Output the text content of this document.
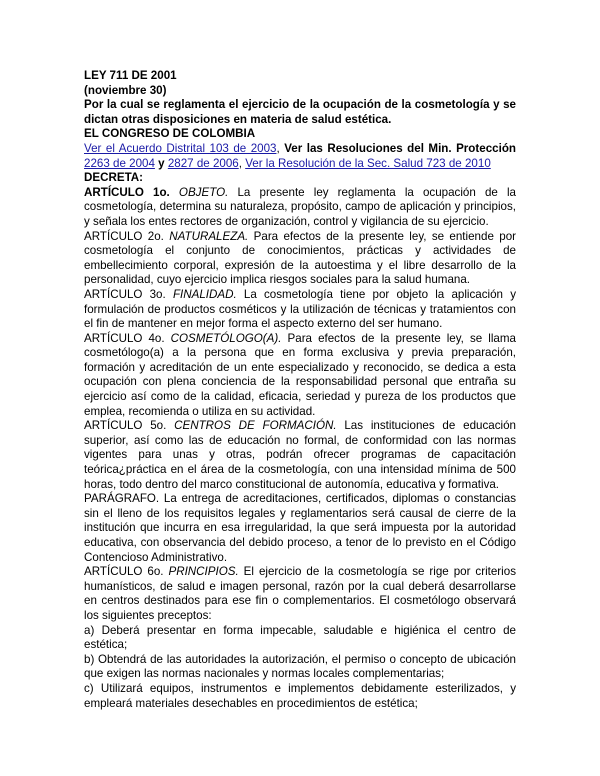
LEY 711 DE 2001
(noviembre 30)
Por la cual se reglamenta el ejercicio de la ocupación de la cosmetología y se dictan otras disposiciones en materia de salud estética.
EL CONGRESO DE COLOMBIA

Ver el Acuerdo Distrital 103 de 2003, Ver las Resoluciones del Min. Protección 2263 de 2004 y 2827 de 2006, Ver la Resolución de la Sec. Salud 723 de 2010

DECRETA:

ARTÍCULO 1o. OBJETO. La presente ley reglamenta la ocupación de la cosmetología, determina su naturaleza, propósito, campo de aplicación y principios, y señala los entes rectores de organización, control y vigilancia de su ejercicio.

ARTÍCULO 2o. NATURALEZA. Para efectos de la presente ley, se entiende por cosmetología el conjunto de conocimientos, prácticas y actividades de embellecimiento corporal, expresión de la autoestima y el libre desarrollo de la personalidad, cuyo ejercicio implica riesgos sociales para la salud humana.

ARTÍCULO 3o. FINALIDAD. La cosmetología tiene por objeto la aplicación y formulación de productos cosméticos y la utilización de técnicas y tratamientos con el fin de mantener en mejor forma el aspecto externo del ser humano.

ARTÍCULO 4o. COSMETÓLOGO(A). Para efectos de la presente ley, se llama cosmetólogo(a) a la persona que en forma exclusiva y previa preparación, formación y acreditación de un ente especializado y reconocido, se dedica a esta ocupación con plena conciencia de la responsabilidad personal que entraña su ejercicio así como de la calidad, eficacia, seriedad y pureza de los productos que emplea, recomienda o utiliza en su actividad.

ARTÍCULO 5o. CENTROS DE FORMACIÓN. Las instituciones de educación superior, así como las de educación no formal, de conformidad con las normas vigentes para unas y otras, podrán ofrecer programas de capacitación teórica¿práctica en el área de la cosmetología, con una intensidad mínima de 500 horas, todo dentro del marco constitucional de autonomía, educativa y formativa.

PARÁGRAFO. La entrega de acreditaciones, certificados, diplomas o constancias sin el lleno de los requisitos legales y reglamentarios será causal de cierre de la institución que incurra en esa irregularidad, la que será impuesta por la autoridad educativa, con observancia del debido proceso, a tenor de lo previsto en el Código Contencioso Administrativo.

ARTÍCULO 6o. PRINCIPIOS. El ejercicio de la cosmetología se rige por criterios humanísticos, de salud e imagen personal, razón por la cual deberá desarrollarse en centros destinados para ese fin o complementarios. El cosmetólogo observará los siguientes preceptos:

a) Deberá presentar en forma impecable, saludable e higiénica el centro de estética;

b) Obtendrá de las autoridades la autorización, el permiso o concepto de ubicación que exigen las normas nacionales y normas locales complementarias;

c) Utilizará equipos, instrumentos e implementos debidamente esterilizados, y empleará materiales desechables en procedimientos de estética;
